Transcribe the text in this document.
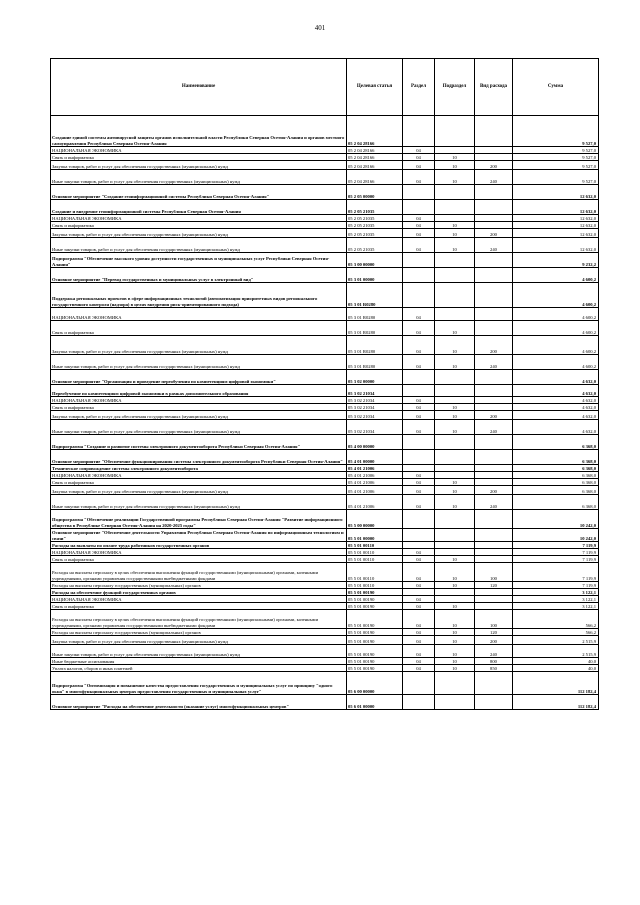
401
Наименование	Целевая статья	Раздел	Подраздел	Вид расхода	Сумма
Создание единой системы антивирусной защиты органов исполнительной власти Республики Северная Осетия-Алания и органов местного самоуправления Республики Северная Осетия-Алания	05 2 04 28166				9 527,0
НАЦИОНАЛЬНАЯ ЭКОНОМИКА	05 2 04 28166	04			9 527,0
Связь и информатика	05 2 04 28166	04	10		9 527,0
Закупка товаров, работ и услуг для обеспечения государственных (муниципальных) нужд	05 2 04 28166	04	10	200	9 527,0
Иные закупки товаров, работ и услуг для обеспечения государственных (муниципальных) нужд	05 2 04 28166	04	10	240	9 527,0
Основное мероприятие "Создание геоинформационной системы Республики Северная Осетия-Алания"	05 2 05 00000				12 632,0
Создание и внедрение геоинформационной системы Республики Северная Осетия-Алания	05 2 05 21035				12 632,0
НАЦИОНАЛЬНАЯ ЭКОНОМИКА	05 2 05 21035	04			12 632,0
Связь и информатика	05 2 05 21035	04	10		12 632,0
Закупка товаров, работ и услуг для обеспечения государственных (муниципальных) нужд	05 2 05 21035	04	10	200	12 632,0
Иные закупки товаров, работ и услуг для обеспечения государственных (муниципальных) нужд	05 2 05 21035	04	10	240	12 632,0
Подпрограмма "Обеспечение высокого уровня доступности государственных и муниципальных услуг Республики Северная Осетия-Алания"	05 3 00 00000				9 232,2
Основное мероприятие "Перевод государственных и муниципальных услуг в электронный вид"	05 3 01 00000				4 600,2
Поддержка региональных проектов в сфере информационных технологий (автоматизация приоритетных видов регионального государственного контроля (надзора) в целях внедрения риск-ориентированного подхода)	05 3 01 R0280				4 600,2
НАЦИОНАЛЬНАЯ ЭКОНОМИКА	05 3 01 R0280	04			4 600,2
Связь и информатика	05 3 01 R0280	04	10		4 600,2
Закупка товаров, работ и услуг для обеспечения государственных (муниципальных) нужд	05 3 01 R0280	04	10	200	4 600,2
Иные закупки товаров, работ и услуг для обеспечения государственных (муниципальных) нужд	05 3 01 R0280	04	10	240	4 600,2
Основное мероприятие "Организация и проведение переобучения по компетенциям цифровой экономики"	05 3 02 00000				4 632,0
Переобучение по компетенциям цифровой экономики в рамках дополнительного образования	05 3 02 21034				4 632,0
НАЦИОНАЛЬНАЯ ЭКОНОМИКА	05 3 02 21034	04			4 632,0
Связь и информатика	05 3 02 21034	04	10		4 632,0
Закупка товаров, работ и услуг для обеспечения государственных (муниципальных) нужд	05 3 02 21034	04	10	200	4 632,0
Иные закупки товаров, работ и услуг для обеспечения государственных (муниципальных) нужд	05 3 02 21034	04	10	240	4 632,0
Подпрограмма "Создание и развитие системы электронного документооборота Республики Северная Осетия-Алания"	05 4 00 00000				6 368,0
Основное мероприятие "Обеспечение функционирования системы электронного документооборота Республики Северная Осетия-Алания"	05 4 01 00000				6 368,0
Техническое сопровождение системы электронного документооборота	05 4 01 21006				6 368,0
НАЦИОНАЛЬНАЯ ЭКОНОМИКА	05 4 01 21006	04			6 368,0
Связь и информатика	05 4 01 21006	04	10		6 368,0
Закупка товаров, работ и услуг для обеспечения государственных (муниципальных) нужд	05 4 01 21006	04	10	200	6 368,0
Иные закупки товаров, работ и услуг для обеспечения государственных (муниципальных) нужд	05 4 01 21006	04	10	240	6 368,0
Подпрограмма "Обеспечение реализации Государственной программы Республики Северная Осетия-Алания "Развитие информационного общества в Республике Северная Осетия-Алания на 2020-2025 годы"	05 5 00 00000				10 242,0
Основное мероприятие "Обеспечение деятельности Управления Республики Северная Осетия-Алания по информационным технологиям и связи"	05 5 01 00000				10 242,0
Расходы на выплаты по оплате труда работников государственных органов	05 5 01 00110				7 119,9
НАЦИОНАЛЬНАЯ ЭКОНОМИКА	05 5 01 00110	04			7 119,9
Связь и информатика	05 5 01 00110	04	10		7 119,9
Расходы на выплаты персоналу в целях обеспечения выполнения функций государственными (муниципальными) органами, казенными учреждениями, органами управления государственными внебюджетными фондами	05 5 01 00110	04	10	100	7 119,9
Расходы на выплаты персоналу государственных (муниципальных) органов	05 5 01 00110	04	10	120	7 119,9
Расходы на обеспечение функций государственных органов	05 5 01 00190				3 122,1
НАЦИОНАЛЬНАЯ ЭКОНОМИКА	05 5 01 00190	04			3 122,1
Связь и информатика	05 5 01 00190	04	10		3 122,1
Расходы на выплаты персоналу в целях обеспечения выполнения функций государственными (муниципальными) органами, казенными учреждениями, органами управления государственными внебюджетными фондами	05 5 01 00190	04	10	100	566,2
Расходы на выплаты персоналу государственных (муниципальных) органов	05 5 01 00190	04	10	120	566,2
Закупка товаров, работ и услуг для обеспечения государственных (муниципальных) нужд	05 5 01 00190	04	10	200	2 515,9
Иные закупки товаров, работ и услуг для обеспечения государственных (муниципальных) нужд	05 5 01 00190	04	10	240	2 515,9
Иные бюджетные ассигнования	05 5 01 00190	04	10	800	40,0
Уплата налогов, сборов и иных платежей	05 5 01 00190	04	10	850	40,0
Подпрограмма "Оптимизация и повышение качества предоставления государственных и муниципальных услуг по принципу "одного окна" в многофункциональных центрах предоставления государственных и муниципальных услуг"	05 6 00 00000				112 182,4
Основное мероприятие "Расходы на обеспечение деятельности (оказание услуг) многофункциональных центров"	05 6 01 00000				112 182,4
